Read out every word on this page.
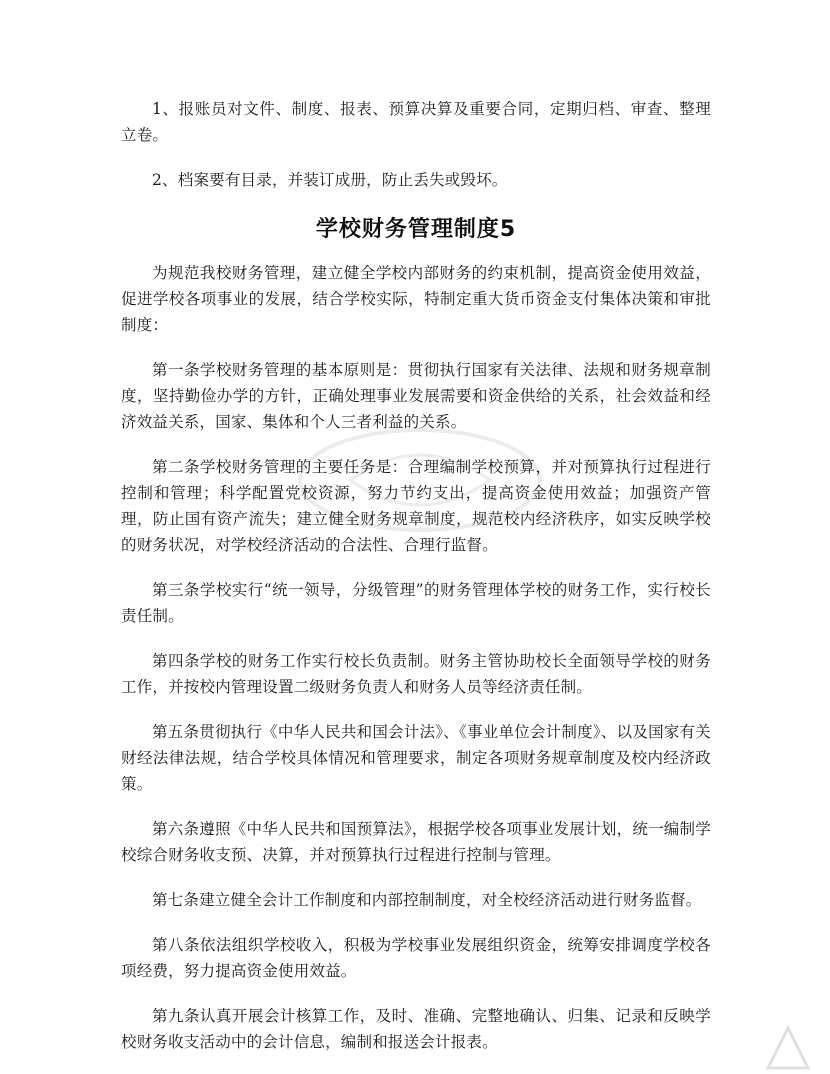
1、报账员对文件、制度、报表、预算决算及重要合同，定期归档、审查、整理立卷。

2、档案要有目录，并装订成册，防止丢失或毁坏。

学校财务管理制度5

为规范我校财务管理，建立健全学校内部财务的约束机制，提高资金使用效益，促进学校各项事业的发展，结合学校实际，特制定重大货币资金支付集体决策和审批制度：

第一条学校财务管理的基本原则是：贯彻执行国家有关法律、法规和财务规章制度，坚持勤俭办学的方针，正确处理事业发展需要和资金供给的关系，社会效益和经济效益关系，国家、集体和个人三者利益的关系。

第二条学校财务管理的主要任务是：合理编制学校预算，并对预算执行过程进行控制和管理；科学配置党校资源，努力节约支出，提高资金使用效益；加强资产管理，防止国有资产流失；建立健全财务规章制度，规范校内经济秩序，如实反映学校的财务状况，对学校经济活动的合法性、合理行监督。

第三条学校实行“统一领导，分级管理”的财务管理体学校的财务工作，实行校长责任制。

第四条学校的财务工作实行校长负责制。财务主管协助校长全面领导学校的财务工作，并按校内管理设置二级财务负责人和财务人员等经济责任制。

第五条贯彻执行《中华人民共和国会计法》、《事业单位会计制度》、以及国家有关财经法律法规，结合学校具体情况和管理要求，制定各项财务规章制度及校内经济政策。

第六条遵照《中华人民共和国预算法》，根据学校各项事业发展计划，统一编制学校综合财务收支预、决算，并对预算执行过程进行控制与管理。

第七条建立健全会计工作制度和内部控制制度，对全校经济活动进行财务监督。

第八条依法组织学校收入，积极为学校事业发展组织资金，统筹安排调度学校各项经费，努力提高资金使用效益。

第九条认真开展会计核算工作，及时、准确、完整地确认、归集、记录和反映学校财务收支活动中的会计信息，编制和报送会计报表。
